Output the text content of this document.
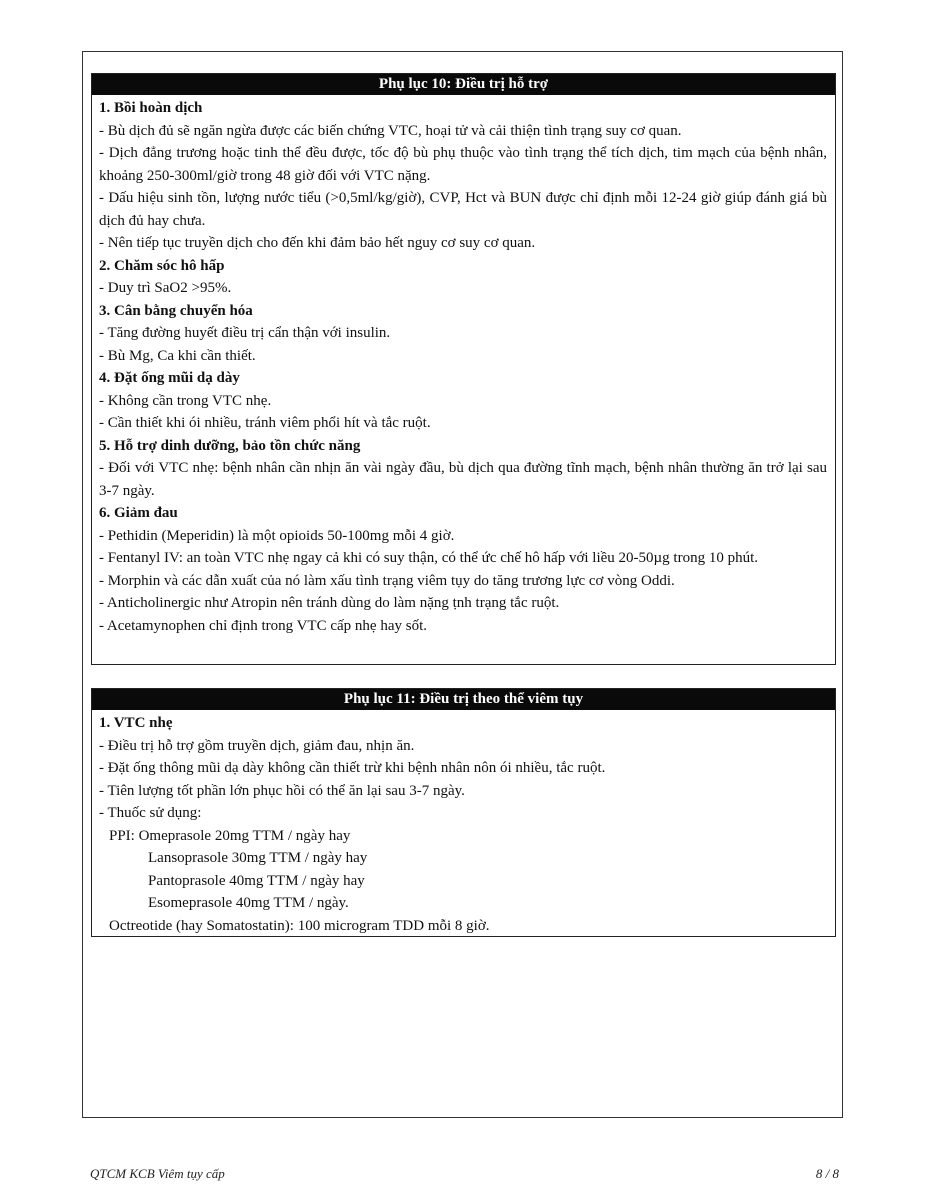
Phụ lục 10: Điều trị hỗ trợ

1. Bồi hoàn dịch

- Bù dịch đủ sẽ ngăn ngừa được các biến chứng VTC, hoại tử và cải thiện tình trạng suy cơ quan.

- Dịch đẳng trương hoặc tinh thể đều được, tốc độ bù phụ thuộc vào tình trạng thể tích dịch, tim mạch của bệnh nhân, khoảng 250-300ml/giờ trong 48 giờ đối với VTC nặng.

- Dấu hiệu sinh tồn, lượng nước tiểu (>0,5ml/kg/giờ), CVP, Hct và BUN được chỉ định mỗi 12-24 giờ giúp đánh giá bù dịch đủ hay chưa.

- Nên tiếp tục truyền dịch cho đến khi đảm bảo hết nguy cơ suy cơ quan.

2. Chăm sóc hô hấp

- Duy trì SaO2 >95%.

3. Cân bằng chuyển hóa

- Tăng đường huyết điều trị cẩn thận với insulin.

- Bù Mg, Ca khi cần thiết.

4. Đặt ống mũi dạ dày

- Không cần trong VTC nhẹ.

- Cần thiết khi ói nhiều, tránh viêm phổi hít và tắc ruột.

5. Hỗ trợ dinh dưỡng, bảo tồn chức năng

- Đối với VTC nhẹ: bệnh nhân cần nhịn ăn vài ngày đầu, bù dịch qua đường tĩnh mạch, bệnh nhân thường ăn trở lại sau 3-7 ngày.

6. Giảm đau

- Pethidin (Meperidin) là một opioids 50-100mg mỗi 4 giờ.

- Fentanyl IV: an toàn VTC nhẹ ngay cả khi có suy thận, có thể ức chế hô hấp với liều 20-50µg trong 10 phút.

- Morphin và các dẫn xuất của nó làm xấu tình trạng viêm tụy do tăng trương lực cơ vòng Oddi.

- Anticholinergic như Atropin nên tránh dùng do làm nặng ṭnh trạng tắc ruột.

- Acetamynophen chỉ định trong VTC cấp nhẹ hay sốt.

Phụ lục 11: Điều trị theo thể viêm tụy

1. VTC nhẹ

- Điều trị hỗ trợ gồm truyền dịch, giảm đau, nhịn ăn.

- Đặt ống thông mũi dạ dày không cần thiết trừ khi bệnh nhân nôn ói nhiều, tắc ruột.

- Tiên lượng tốt phần lớn phục hồi có thể ăn lại sau 3-7 ngày.

- Thuốc sử dụng:

PPI: Omeprasole 20mg TTM / ngày hay

Lansoprasole 30mg TTM / ngày hay

Pantoprasole 40mg TTM / ngày hay

Esomeprasole 40mg TTM / ngày.

Octreotide (hay Somatostatin): 100 microgram TDD mỗi 8 giờ.

QTCM KCB Viêm tụy cấp	8 / 8
